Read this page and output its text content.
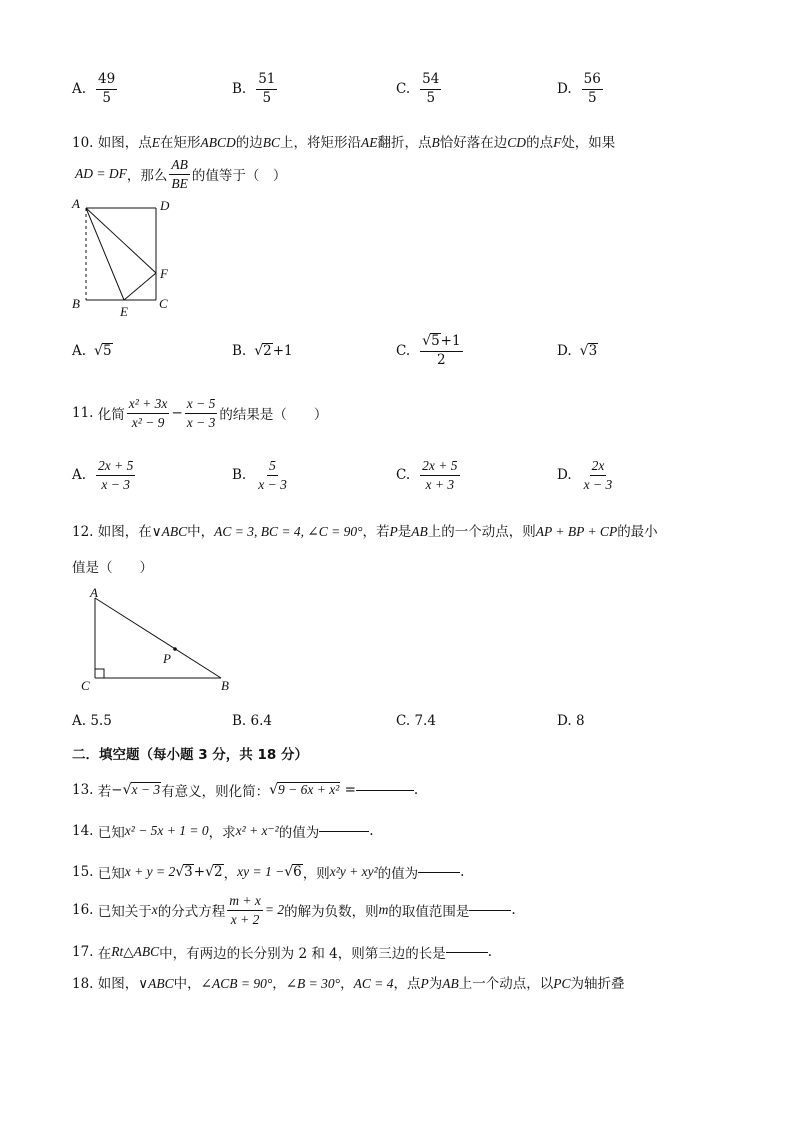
A. $\frac{49}{5}$	B. $\frac{51}{5}$	C. $\frac{54}{5}$	D. $\frac{56}{5}$
10. 如图，点E在矩形ABCD的边BC上，将矩形沿AE翻折，点B恰好落在边CD的点F处，如果
AD = DF ，那么 $\frac{AB}{BE}$ 的值等于（　）
A	D
F
B
E
C
A. √ 5	B. √ 2 +1	C. $\frac{√5+1}{2}$	D. √ 3
11.
化简 $\frac{\text{x² + 3x}}{\text{x² − 9}} - \frac{x - 5}{x - 3}$ 的结果是（　　）
A. $\frac{2x + 5}{x - 3}$	B. $\frac{5}{x - 3}$	C. $\frac{2x + 5}{x + 3}$	D. $\frac{2x}{x - 3}$
12. 如图，在∨ABC中，AC = 3, BC = 4, ∠C = 90°，若P是AB上的一个动点，则AP + BP + CP的最小
值是（　　）
A
P
C	B
A.
5.5	B.
6.4	C.
7.4	D.
8
二．填空题（每小题 3 分，共 18 分）
13.
若 − √ x − 3 有意义，则化简： √ 9 − 6x + x²
=	.
14.
已知 x² − 5x + 1 = 0 ，求 x² + x⁻² 的值为	.
15.
已知 x + y = 2 √ 3 + √ 2 ， xy = 1 − √ 6 ，则 x²y + xy² 的值为	.
16.
已知关于 x 的分式方程 $\frac{m + x}{x + 2} = 2$ 的解为负数，则 m 的取值范围是	.
17.
在 Rt△ABC 中，有两边的长分别为 2 和 4，则第三边的长是	.
18. 如图，∨ABC中，∠ACB = 90°，∠B = 30°，AC = 4，点P为AB上一个动点，以PC为轴折叠
